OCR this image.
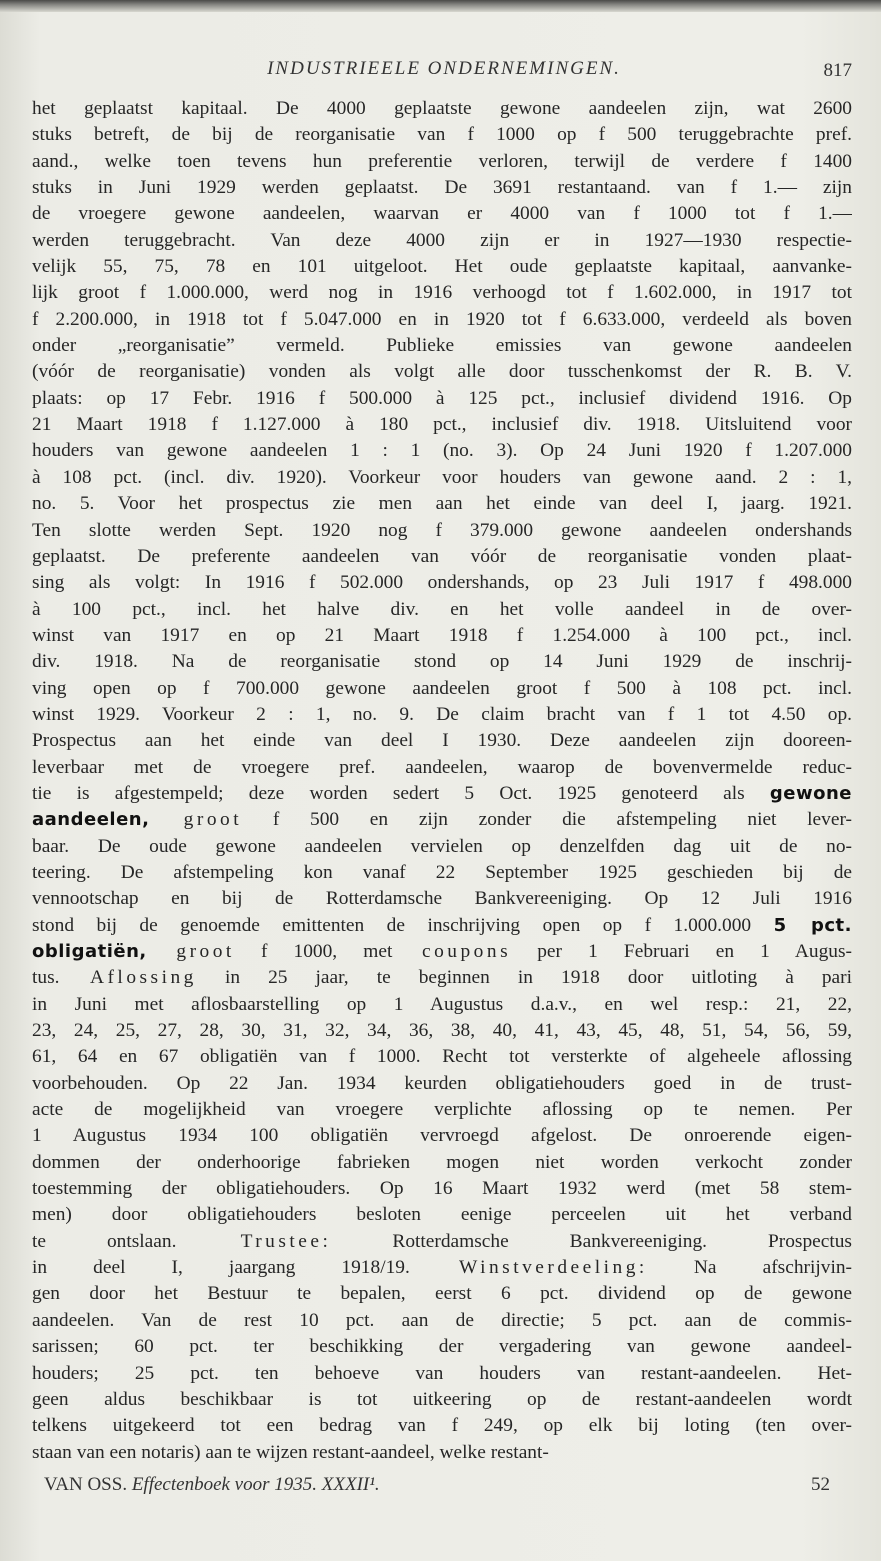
INDUSTRIEELE ONDERNEMINGEN.	817
het geplaatst kapitaal. De 4000 geplaatste gewone aandeelen zijn, wat 2600
stuks betreft, de bij de reorganisatie van f 1000 op f 500 teruggebrachte pref.
aand., welke toen tevens hun preferentie verloren, terwijl de verdere f 1400
stuks in Juni 1929 werden geplaatst. De 3691 restantaand. van f 1.— zijn
de vroegere gewone aandeelen, waarvan er 4000 van f 1000 tot f 1.—
werden teruggebracht. Van deze 4000 zijn er in 1927—1930 respectie-
velijk 55, 75, 78 en 101 uitgeloot. Het oude geplaatste kapitaal, aanvanke-
lijk groot f 1.000.000, werd nog in 1916 verhoogd tot f 1.602.000, in 1917 tot
f 2.200.000, in 1918 tot f 5.047.000 en in 1920 tot f 6.633.000, verdeeld als boven
onder „reorganisatie” vermeld. Publieke emissies van gewone aandeelen
(vóór de reorganisatie) vonden als volgt alle door tusschenkomst der R. B. V.
plaats: op 17 Febr. 1916 f 500.000 à 125 pct., inclusief dividend 1916. Op
21 Maart 1918 f 1.127.000 à 180 pct., inclusief div. 1918. Uitsluitend voor
houders van gewone aandeelen 1 : 1 (no. 3). Op 24 Juni 1920 f 1.207.000
à 108 pct. (incl. div. 1920). Voorkeur voor houders van gewone aand. 2 : 1,
no. 5. Voor het prospectus zie men aan het einde van deel I, jaarg. 1921.
Ten slotte werden Sept. 1920 nog f 379.000 gewone aandeelen ondershands
geplaatst. De preferente aandeelen van vóór de reorganisatie vonden plaat-
sing als volgt: In 1916 f 502.000 ondershands, op 23 Juli 1917 f 498.000
à 100 pct., incl. het halve div. en het volle aandeel in de over-
winst van 1917 en op 21 Maart 1918 f 1.254.000 à 100 pct., incl.
div. 1918. Na de reorganisatie stond op 14 Juni 1929 de inschrij-
ving open op f 700.000 gewone aandeelen groot f 500 à 108 pct. incl.
winst 1929. Voorkeur 2 : 1, no. 9. De claim bracht van f 1 tot 4.50 op.
Prospectus aan het einde van deel I 1930. Deze aandeelen zijn dooreen-
leverbaar met de vroegere pref. aandeelen, waarop de bovenvermelde reduc-
tie is afgestempeld; deze worden sedert 5 Oct. 1925 genoteerd als gewone
aandeelen, groot f 500 en zijn zonder die afstempeling niet lever-
baar. De oude gewone aandeelen vervielen op denzelfden dag uit de no-
teering. De afstempeling kon vanaf 22 September 1925 geschieden bij de
vennootschap en bij de Rotterdamsche Bankvereeniging. Op 12 Juli 1916
stond bij de genoemde emittenten de inschrijving open op f 1.000.000 5 pct.
obligatiën, groot f 1000, met coupons per 1 Februari en 1 Augus-
tus. Aflossing in 25 jaar, te beginnen in 1918 door uitloting à pari
in Juni met aflosbaarstelling op 1 Augustus d.a.v., en wel resp.: 21, 22,
23, 24, 25, 27, 28, 30, 31, 32, 34, 36, 38, 40, 41, 43, 45, 48, 51, 54, 56, 59,
61, 64 en 67 obligatiën van f 1000. Recht tot versterkte of algeheele aflossing
voorbehouden. Op 22 Jan. 1934 keurden obligatiehouders goed in de trust-
acte de mogelijkheid van vroegere verplichte aflossing op te nemen. Per
1 Augustus 1934 100 obligatiën vervroegd afgelost. De onroerende eigen-
dommen der onderhoorige fabrieken mogen niet worden verkocht zonder
toestemming der obligatiehouders. Op 16 Maart 1932 werd (met 58 stem-
men) door obligatiehouders besloten eenige perceelen uit het verband
te ontslaan. Trustee: Rotterdamsche Bankvereeniging. Prospectus
in deel I, jaargang 1918/19. Winstverdeeling: Na afschrijvin-
gen door het Bestuur te bepalen, eerst 6 pct. dividend op de gewone
aandeelen. Van de rest 10 pct. aan de directie; 5 pct. aan de commis-
sarissen; 60 pct. ter beschikking der vergadering van gewone aandeel-
houders; 25 pct. ten behoeve van houders van restant-aandeelen. Het-
geen aldus beschikbaar is tot uitkeering op de restant-aandeelen wordt
telkens uitgekeerd tot een bedrag van f 249, op elk bij loting (ten over-
staan van een notaris) aan te wijzen restant-aandeel, welke restant-
VAN OSS. Effectenboek voor 1935. XXXII¹.	52
